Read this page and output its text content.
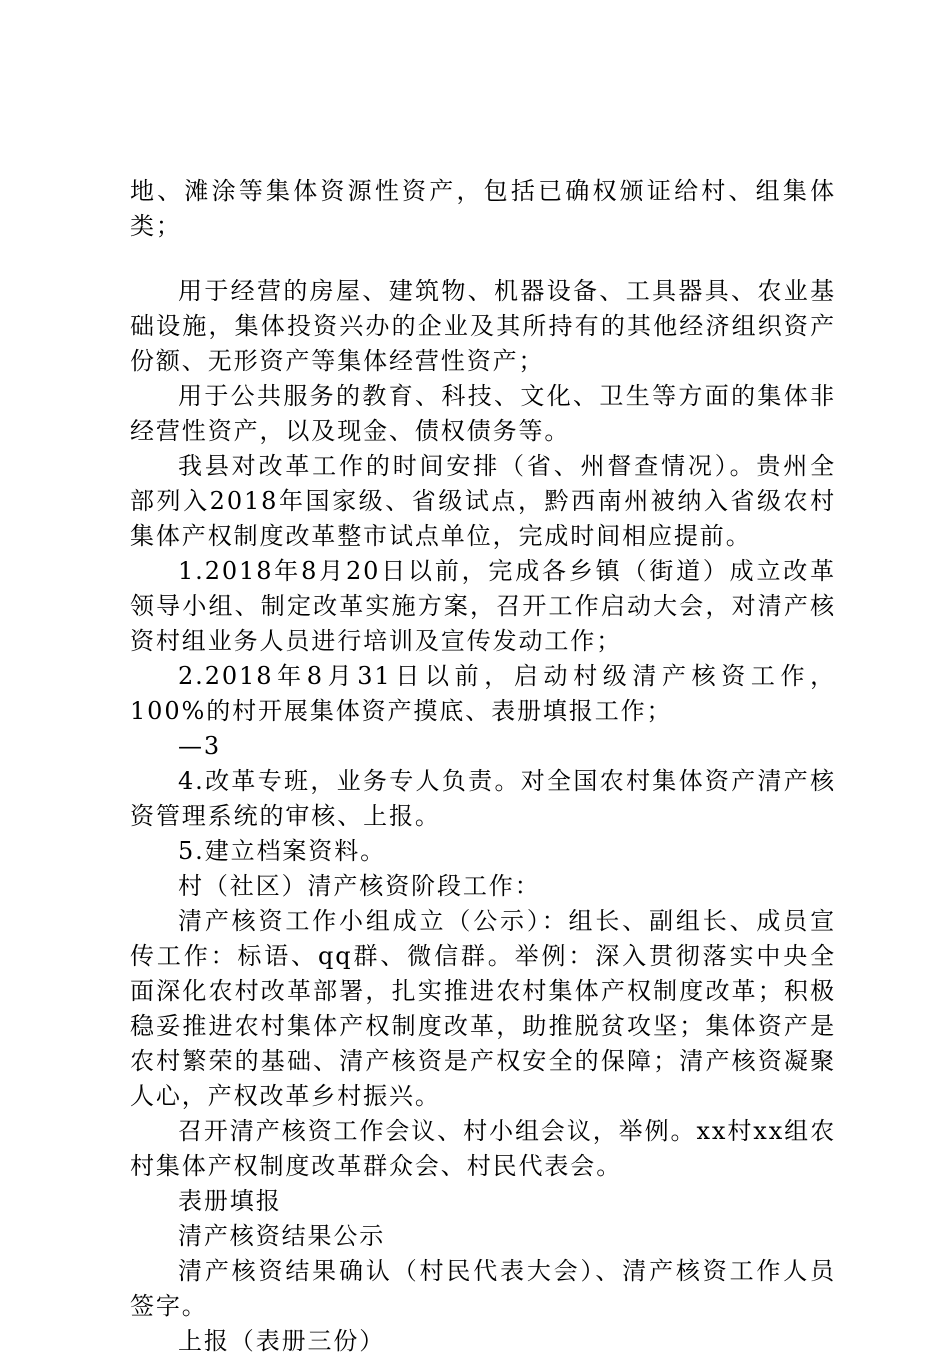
地、滩涂等集体资源性资产，包括已确权颁证给村、组集体类；

用于经营的房屋、建筑物、机器设备、工具器具、农业基础设施，集体投资兴办的企业及其所持有的其他经济组织资产份额、无形资产等集体经营性资产；

用于公共服务的教育、科技、文化、卫生等方面的集体非经营性资产，以及现金、债权债务等。

我县对改革工作的时间安排（省、州督查情况）。贵州全部列入2018年国家级、省级试点，黔西南州被纳入省级农村集体产权制度改革整市试点单位，完成时间相应提前。

1.2018年8月20日以前，完成各乡镇（街道）成立改革领导小组、制定改革实施方案，召开工作启动大会，对清产核资村组业务人员进行培训及宣传发动工作；

2.2018年8月31日以前，启动村级清产核资工作，100%的村开展集体资产摸底、表册填报工作；

—3

4.改革专班，业务专人负责。对全国农村集体资产清产核资管理系统的审核、上报。

5.建立档案资料。

村（社区）清产核资阶段工作：

清产核资工作小组成立（公示）：组长、副组长、成员宣传工作：标语、qq群、微信群。举例：深入贯彻落实中央全面深化农村改革部署，扎实推进农村集体产权制度改革；积极稳妥推进农村集体产权制度改革，助推脱贫攻坚；集体资产是农村繁荣的基础、清产核资是产权安全的保障；清产核资凝聚人心，产权改革乡村振兴。

召开清产核资工作会议、村小组会议，举例。xx村xx组农村集体产权制度改革群众会、村民代表会。

表册填报

清产核资结果公示

清产核资结果确认（村民代表大会）、清产核资工作人员签字。

上报（表册三份）
